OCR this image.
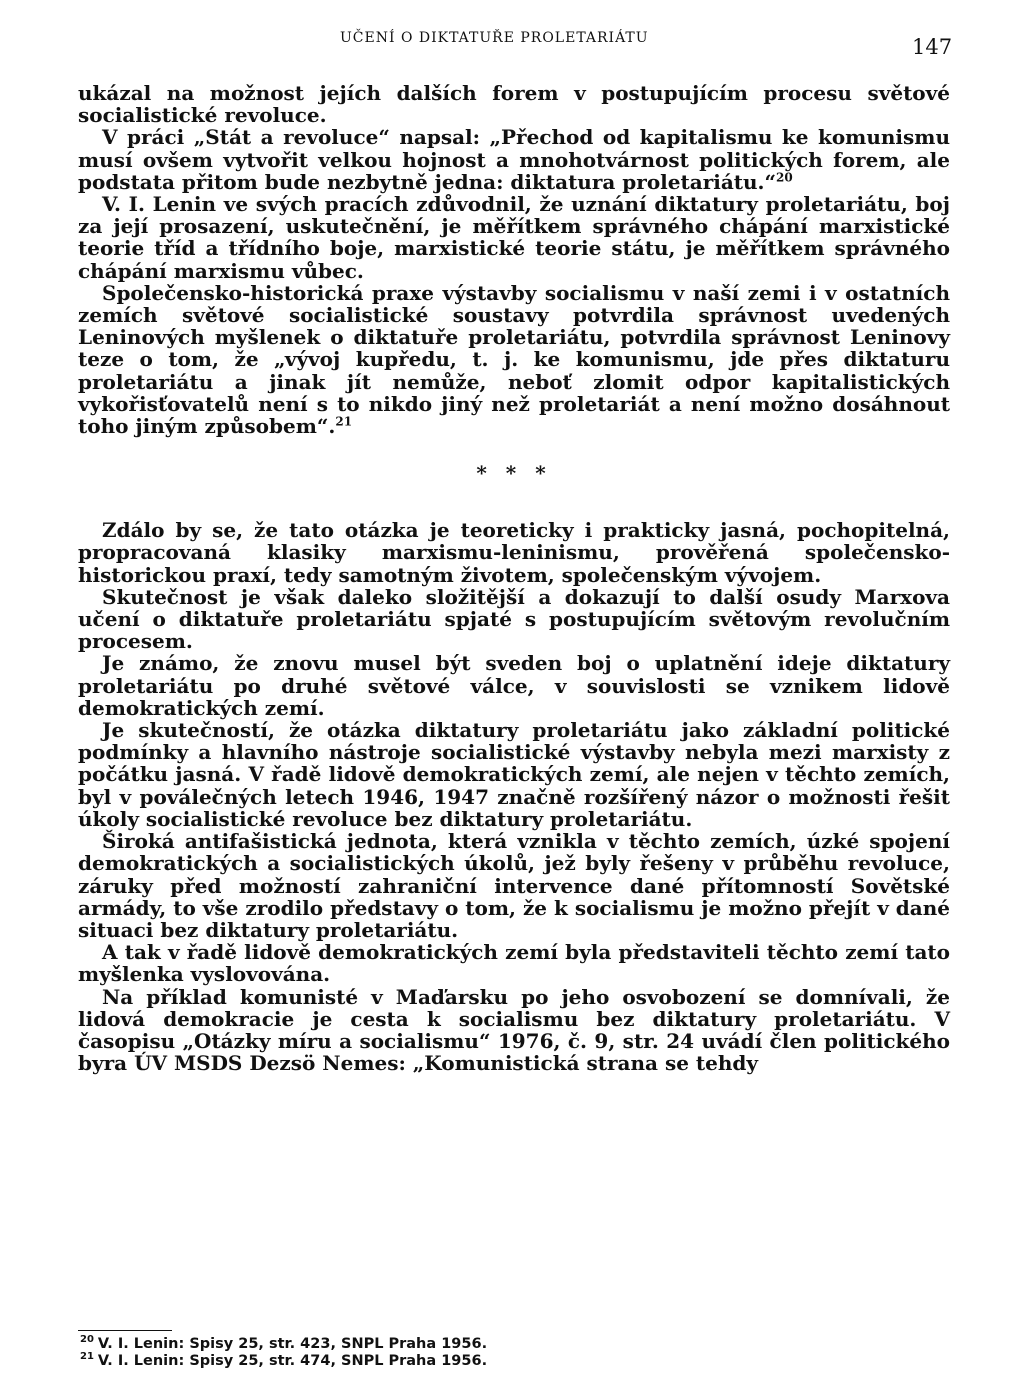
UČENÍ O DIKTATUŘE PROLETARIÁTU	147

ukázal na možnost jejích dalších forem v postupujícím procesu světové socialistické revoluce.

V práci „Stát a revoluce“ napsal: „Přechod od kapitalismu ke komunismu musí ovšem vytvořit velkou hojnost a mnohotvárnost politických forem, ale podstata přitom bude nezbytně jedna: diktatura proletariátu.“$^{20}$

V. I. Lenin ve svých pracích zdůvodnil, že uznání diktatury proletariátu, boj za její prosazení, uskutečnění, je měřítkem správného chápání marxistické teorie tříd a třídního boje, marxistické teorie státu, je měřítkem správného chápání marxismu vůbec.

Společensko-historická praxe výstavby socialismu v naší zemi i v ostatních zemích světové socialistické soustavy potvrdila správnost uvedených Leninových myšlenek o diktatuře proletariátu, potvrdila správnost Leninovy teze o tom, že „vývoj kupředu, t. j. ke komunismu, jde přes diktaturu proletariátu a jinak jít nemůže, neboť zlomit odpor kapitalistických vykořisťovatelů není s to nikdo jiný než proletariát a není možno dosáhnout toho jiným způsobem“.$^{21}$

* * *

Zdálo by se, že tato otázka je teoreticky i prakticky jasná, pochopitelná, propracovaná klasiky marxismu-leninismu, prověřená společensko-historickou praxí, tedy samotným životem, společenským vývojem.

Skutečnost je však daleko složitější a dokazují to další osudy Marxova učení o diktatuře proletariátu spjaté s postupujícím světovým revolučním procesem.

Je známo, že znovu musel být sveden boj o uplatnění ideje diktatury proletariátu po druhé světové válce, v souvislosti se vznikem lidově demokratických zemí.

Je skutečností, že otázka diktatury proletariátu jako základní politické podmínky a hlavního nástroje socialistické výstavby nebyla mezi marxisty z počátku jasná. V řadě lidově demokratických zemí, ale nejen v těchto zemích, byl v poválečných letech 1946, 1947 značně rozšířený názor o možnosti řešit úkoly socialistické revoluce bez diktatury proletariátu.

Široká antifašistická jednota, která vznikla v těchto zemích, úzké spojení demokratických a socialistických úkolů, jež byly řešeny v průběhu revoluce, záruky před možností zahraniční intervence dané přítomností Sovětské armády, to vše zrodilo představy o tom, že k socialismu je možno přejít v dané situaci bez diktatury proletariátu.

A tak v řadě lidově demokratických zemí byla představiteli těchto zemí tato myšlenka vyslovována.

Na příklad komunisté v Maďarsku po jeho osvobození se domnívali, že lidová demokracie je cesta k socialismu bez diktatury proletariátu. V časopisu „Otázky míru a socialismu“ 1976, č. 9, str. 24 uvádí člen politického byra ÚV MSDS Dezsö Nemes: „Komunistická strana se tehdy

$^{20}$ V. I. Lenin: Spisy 25, str. 423, SNPL Praha 1956.
$^{21}$ V. I. Lenin: Spisy 25, str. 474, SNPL Praha 1956.
